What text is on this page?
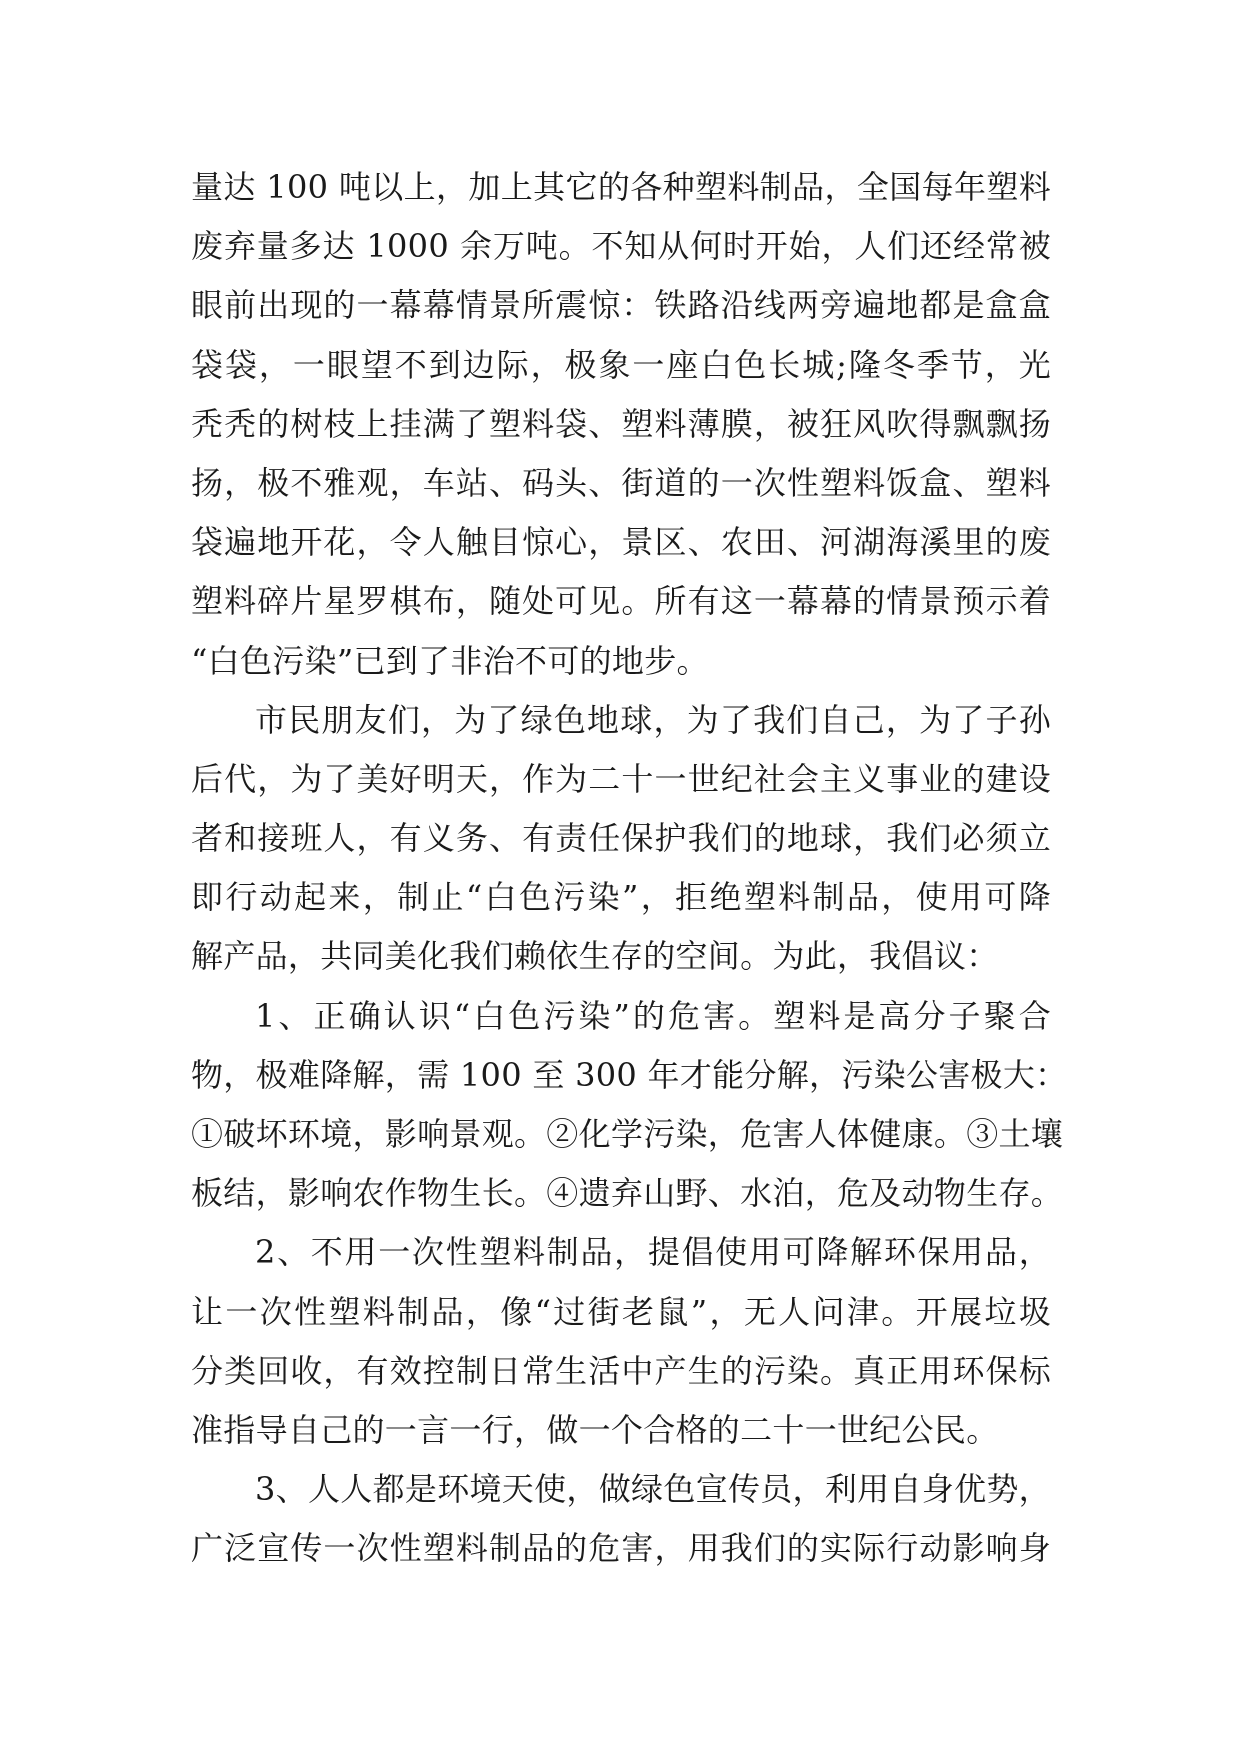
量达 100 吨以上，加上其它的各种塑料制品，全国每年塑料
废弃量多达 1000 余万吨。不知从何时开始，人们还经常被
眼前出现的一幕幕情景所震惊：铁路沿线两旁遍地都是盒盒
袋袋，一眼望不到边际，极象一座白色长城;隆冬季节，光
秃秃的树枝上挂满了塑料袋、塑料薄膜，被狂风吹得飘飘扬
扬，极不雅观，车站、码头、街道的一次性塑料饭盒、塑料
袋遍地开花，令人触目惊心，景区、农田、河湖海溪里的废
塑料碎片星罗棋布，随处可见。所有这一幕幕的情景预示着
“白色污染”已到了非治不可的地步。
市民朋友们，为了绿色地球，为了我们自己，为了子孙
后代，为了美好明天，作为二十一世纪社会主义事业的建设
者和接班人，有义务、有责任保护我们的地球，我们必须立
即行动起来，制止“白色污染”，拒绝塑料制品，使用可降
解产品，共同美化我们赖依生存的空间。为此，我倡议：
1、正确认识“白色污染”的危害。塑料是高分子聚合
物，极难降解，需 100 至 300 年才能分解，污染公害极大：
①破坏环境，影响景观。②化学污染，危害人体健康。③土壤
板结，影响农作物生长。④遗弃山野、水泊，危及动物生存。
2、不用一次性塑料制品，提倡使用可降解环保用品，
让一次性塑料制品，像“过街老鼠”，无人问津。开展垃圾
分类回收，有效控制日常生活中产生的污染。真正用环保标
准指导自己的一言一行，做一个合格的二十一世纪公民。
3、人人都是环境天使，做绿色宣传员，利用自身优势，
广泛宣传一次性塑料制品的危害，用我们的实际行动影响身
